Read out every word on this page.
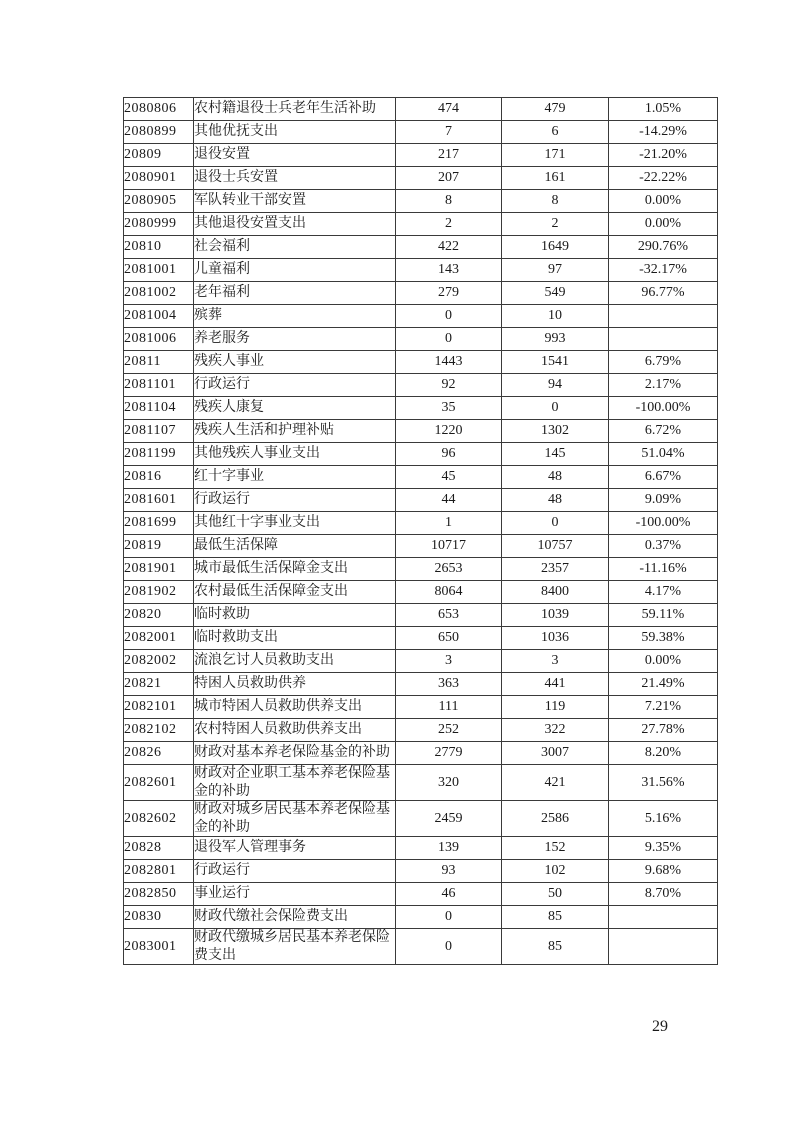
2080806	农村籍退役士兵老年生活补助	474	479	1.05%
2080899	其他优抚支出	7	6	-14.29%
20809	退役安置	217	171	-21.20%
2080901	退役士兵安置	207	161	-22.22%
2080905	军队转业干部安置	8	8	0.00%
2080999	其他退役安置支出	2	2	0.00%
20810	社会福利	422	1649	290.76%
2081001	儿童福利	143	97	-32.17%
2081002	老年福利	279	549	96.77%
2081004	殡葬	0	10	
2081006	养老服务	0	993	
20811	残疾人事业	1443	1541	6.79%
2081101	行政运行	92	94	2.17%
2081104	残疾人康复	35	0	-100.00%
2081107	残疾人生活和护理补贴	1220	1302	6.72%
2081199	其他残疾人事业支出	96	145	51.04%
20816	红十字事业	45	48	6.67%
2081601	行政运行	44	48	9.09%
2081699	其他红十字事业支出	1	0	-100.00%
20819	最低生活保障	10717	10757	0.37%
2081901	城市最低生活保障金支出	2653	2357	-11.16%
2081902	农村最低生活保障金支出	8064	8400	4.17%
20820	临时救助	653	1039	59.11%
2082001	临时救助支出	650	1036	59.38%
2082002	流浪乞讨人员救助支出	3	3	0.00%
20821	特困人员救助供养	363	441	21.49%
2082101	城市特困人员救助供养支出	111	119	7.21%
2082102	农村特困人员救助供养支出	252	322	27.78%
20826	财政对基本养老保险基金的补助	2779	3007	8.20%
2082601	财政对企业职工基本养老保险基金的补助	320	421	31.56%
2082602	财政对城乡居民基本养老保险基金的补助	2459	2586	5.16%
20828	退役军人管理事务	139	152	9.35%
2082801	行政运行	93	102	9.68%
2082850	事业运行	46	50	8.70%
20830	财政代缴社会保险费支出	0	85	
2083001	财政代缴城乡居民基本养老保险费支出	0	85	
29
